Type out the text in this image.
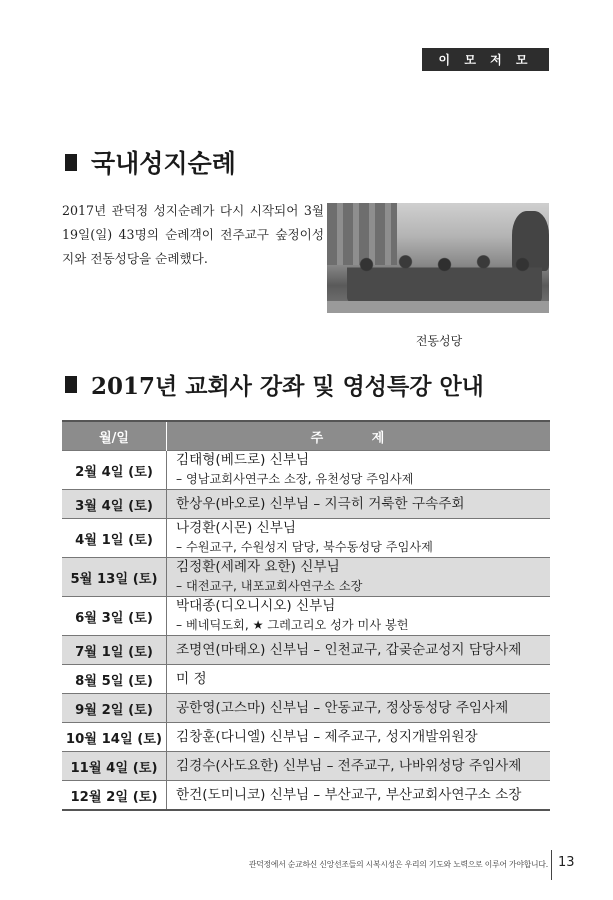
이 모 저 모
국내성지순례
2017년 관덕정 성지순례가 다시 시작되어 3월 19일(일) 43명의 순례객이 전주교구 숲정이성지와 전동성당을 순례했다.
전동성당
2017년 교회사 강좌 및 영성특강 안내
월/일	주 제
2월 4일 (토)	김태형(베드로) 신부님
– 영남교회사연구소 소장, 유천성당 주임사제

3월 4일 (토)	한상우(바오로) 신부님 – 지극히 거룩한 구속주회

4월 1일 (토)	나경환(시몬) 신부님
– 수원교구, 수원성지 담당, 북수동성당 주임사제

5월 13일 (토)	김정환(세례자 요한) 신부님
– 대전교구, 내포교회사연구소 소장

6월 3일 (토)	박대종(디오니시오) 신부님
– 베네딕도회, ★ 그레고리오 성가 미사 봉헌

7월 1일 (토)	조명연(마태오) 신부님 – 인천교구, 갑곶순교성지 담당사제

8월 5일 (토)	미 정

9월 2일 (토)	공한영(고스마) 신부님 – 안동교구, 정상동성당 주임사제

10월 14일 (토)	김창훈(다니엘) 신부님 – 제주교구, 성지개발위원장

11월 4일 (토)	김경수(사도요한) 신부님 – 전주교구, 나바위성당 주임사제

12월 2일 (토)	한건(도미니코) 신부님 – 부산교구, 부산교회사연구소 소장
관덕정에서 순교하신 신앙선조들의 시복시성은 우리의 기도와 노력으로 이루어 가야합니다. 13
